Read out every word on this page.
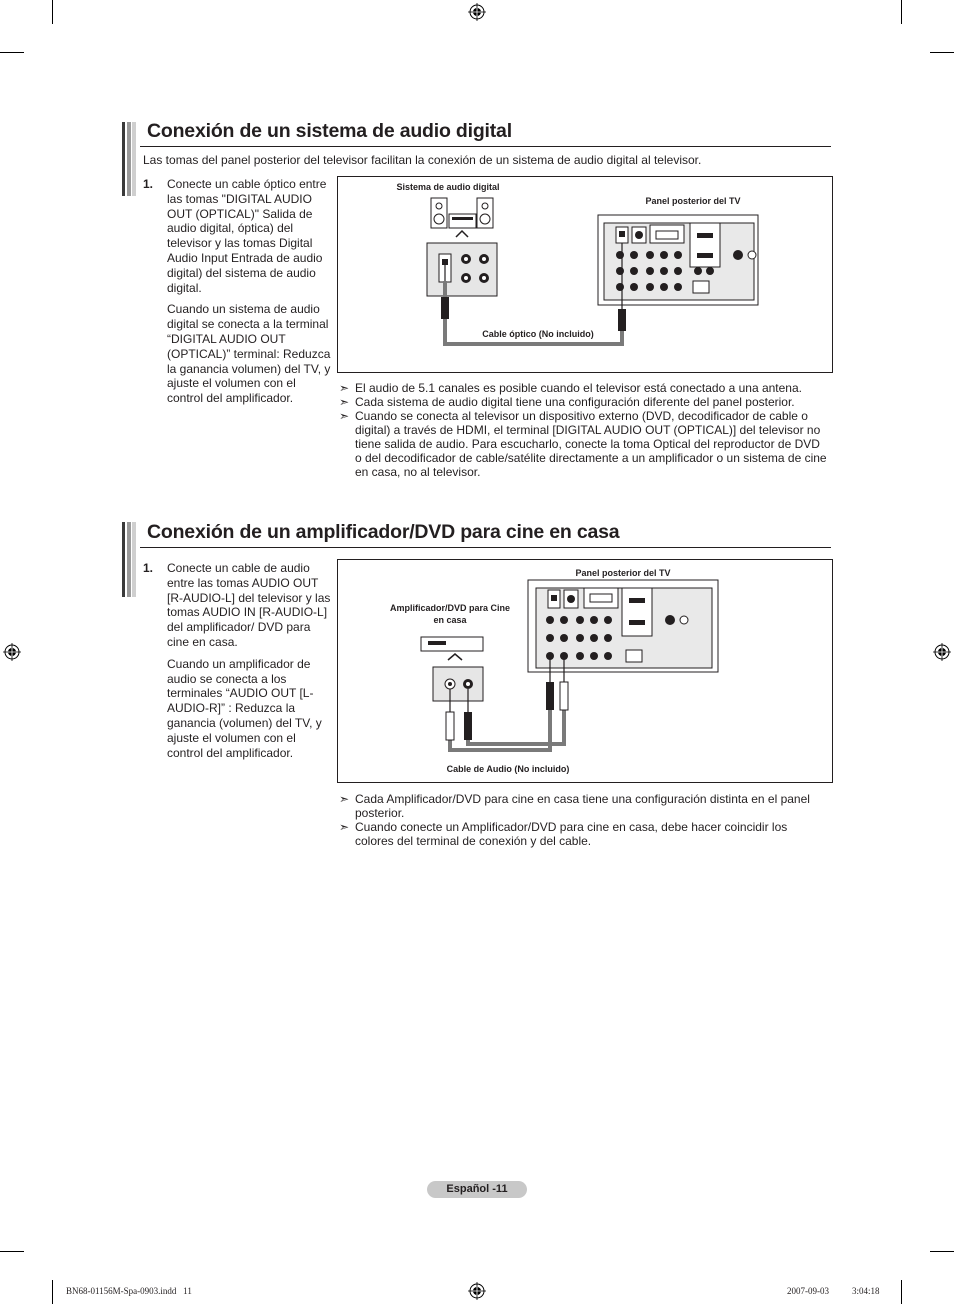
Conexión de un sistema de audio digital
Las tomas del panel posterior del televisor facilitan la conexión de un sistema de audio digital al televisor.
1. Conecte un cable óptico entre las tomas "DIGITAL AUDIO OUT (OPTICAL)" Salida de audio digital, óptica) del televisor y las tomas Digital Audio Input Entrada de audio digital) del sistema de audio digital.

Cuando un sistema de audio digital se conecta a la terminal “DIGITAL AUDIO OUT (OPTICAL)” terminal: Reduzca la ganancia volumen) del TV, y ajuste el volumen con el control del amplificador.

Sistema de audio digital
Panel posterior del TV
Cable óptico (No incluido)

➣ El audio de 5.1 canales es posible cuando el televisor está conectado a una antena.

➣ Cada sistema de audio digital tiene una configuración diferente del panel posterior.

➣ Cuando se conecta al televisor un dispositivo externo (DVD, decodificador de cable o digital) a través de HDMI, el terminal [DIGITAL AUDIO OUT (OPTICAL)] del televisor no tiene salida de audio. Para escucharlo, conecte la toma Optical del reproductor de DVD o del decodificador de cable/satélite directamente a un amplificador o un sistema de cine en casa, no al televisor.

Conexión de un amplificador/DVD para cine en casa
1. Conecte un cable de audio entre las tomas AUDIO OUT [R-AUDIO-L] del televisor y las tomas AUDIO IN [R-AUDIO-L] del amplificador/ DVD para cine en casa.

Cuando un amplificador de audio se conecta a los terminales “AUDIO OUT [L-AUDIO-R]” : Reduzca la ganancia (volumen) del TV, y ajuste el volumen con el control del amplificador.

Panel posterior del TV
Amplificador/DVD para Cine en casa
Cable de Audio (No incluido)

➣ Cada Amplificador/DVD para cine en casa tiene una configuración distinta en el panel posterior.

➣ Cuando conecte un Amplificador/DVD para cine en casa, debe hacer coincidir los colores del terminal de conexión y del cable.

Español -11
BN68-01156M-Spa-0903.indd   11	2007-09-03   ￿￿ 3:04:18
